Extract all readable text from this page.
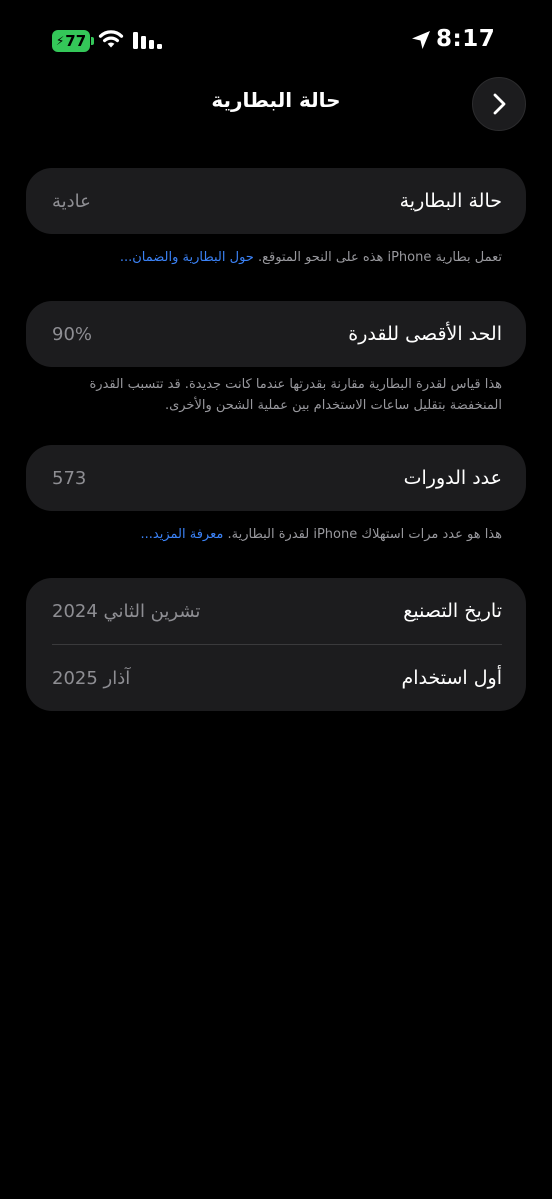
⚡ 77	8:17
حالة البطارية
حالة البطارية
عادية
تعمل بطارية iPhone هذه على النحو المتوقع. حول البطارية والضمان...
الحد الأقصى للقدرة
90%
هذا قياس لقدرة البطارية مقارنة بقدرتها عندما كانت جديدة. قد تتسبب القدرة المنخفضة بتقليل ساعات الاستخدام بين عملية الشحن والأخرى.
عدد الدورات
573
هذا هو عدد مرات استهلاك iPhone لقدرة البطارية. معرفة المزيد...
تاريخ التصنيع
تشرين الثاني 2024
أول استخدام
آذار 2025
